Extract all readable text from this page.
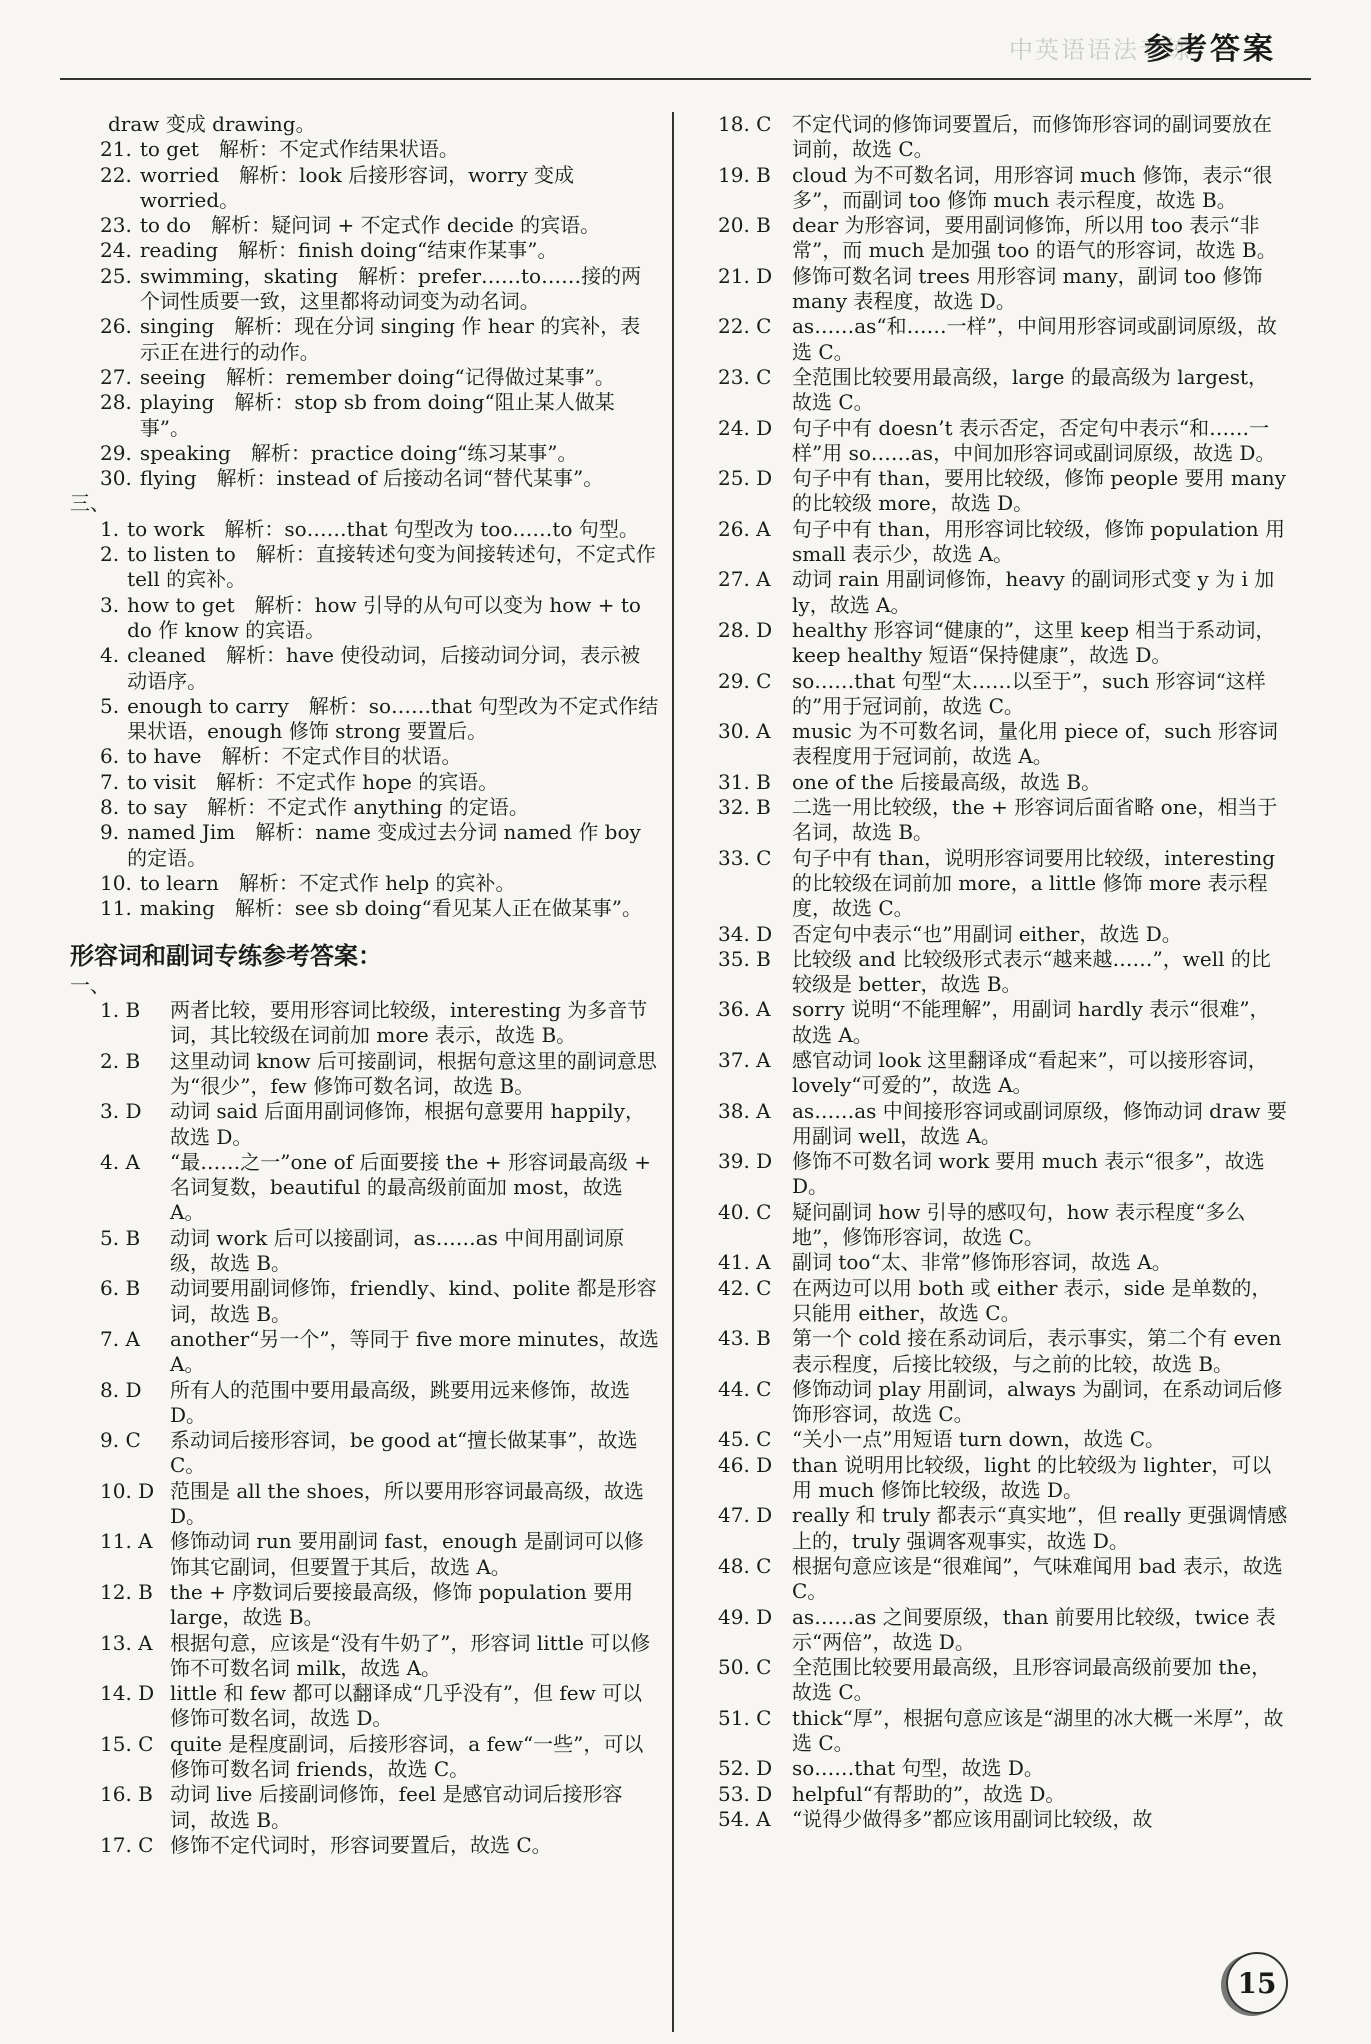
中英语语法专练
参考答案
draw 变成 drawing。
21. to get　解析：不定式作结果状语。
22. worried　解析：look 后接形容词，worry 变成 worried。
23. to do　解析：疑问词 + 不定式作 decide 的宾语。
24. reading　解析：finish doing“结束作某事”。
25. swimming，skating　解析：prefer……to……接的两个词性质要一致，这里都将动词变为动名词。
26. singing　解析：现在分词 singing 作 hear 的宾补，表示正在进行的动作。
27. seeing　解析：remember doing“记得做过某事”。
28. playing　解析：stop sb from doing“阻止某人做某事”。
29. speaking　解析：practice doing“练习某事”。
30. flying　解析：instead of 后接动名词“替代某事”。
三、
1. to work　解析：so……that 句型改为 too……to 句型。
2. to listen to　解析：直接转述句变为间接转述句，不定式作 tell 的宾补。
3. how to get　解析：how 引导的从句可以变为 how + to do 作 know 的宾语。
4. cleaned　解析：have 使役动词，后接动词分词，表示被动语序。
5. enough to carry　解析：so……that 句型改为不定式作结果状语，enough 修饰 strong 要置后。
6. to have　解析：不定式作目的状语。
7. to visit　解析：不定式作 hope 的宾语。
8. to say　解析：不定式作 anything 的定语。
9. named Jim　解析：name 变成过去分词 named 作 boy 的定语。
10. to learn　解析：不定式作 help 的宾补。
11. making　解析：see sb doing“看见某人正在做某事”。
形容词和副词专练参考答案：
一、
1. B	两者比较，要用形容词比较级，interesting 为多音节词，其比较级在词前加 more 表示，故选 B。
2. B	这里动词 know 后可接副词，根据句意这里的副词意思为“很少”，few 修饰可数名词，故选 B。
3. D	动词 said 后面用副词修饰，根据句意要用 happily，故选 D。
4. A	“最……之一”one of 后面要接 the + 形容词最高级 + 名词复数，beautiful 的最高级前面加 most，故选 A。
5. B	动词 work 后可以接副词，as……as 中间用副词原级，故选 B。
6. B	动词要用副词修饰，friendly、kind、polite 都是形容词，故选 B。
7. A	another“另一个”，等同于 five more minutes，故选 A。
8. D	所有人的范围中要用最高级，跳要用远来修饰，故选 D。
9. C	系动词后接形容词，be good at“擅长做某事”，故选 C。
10. D 范围是 all the shoes，所以要用形容词最高级，故选 D。
11. A 修饰动词 run 要用副词 fast，enough 是副词可以修饰其它副词，但要置于其后，故选 A。
12. B the + 序数词后要接最高级，修饰 population 要用 large，故选 B。
13. A 根据句意，应该是“没有牛奶了”，形容词 little 可以修饰不可数名词 milk，故选 A。
14. D little 和 few 都可以翻译成“几乎没有”，但 few 可以修饰可数名词，故选 D。
15. C quite 是程度副词，后接形容词，a few“一些”，可以修饰可数名词 friends，故选 C。
16. B 动词 live 后接副词修饰，feel 是感官动词后接形容词，故选 B。
17. C 修饰不定代词时，形容词要置后，故选 C。
18. C	不定代词的修饰词要置后，而修饰形容词的副词要放在词前，故选 C。
19. B	cloud 为不可数名词，用形容词 much 修饰，表示“很多”，而副词 too 修饰 much 表示程度，故选 B。
20. B	dear 为形容词，要用副词修饰，所以用 too 表示“非常”，而 much 是加强 too 的语气的形容词，故选 B。
21. D 修饰可数名词 trees 用形容词 many，副词 too 修饰 many 表程度，故选 D。
22. C	as……as“和……一样”，中间用形容词或副词原级，故选 C。
23. C	全范围比较要用最高级，large 的最高级为 largest，故选 C。
24. D 句子中有 doesn’t 表示否定，否定句中表示“和……一样”用 so……as，中间加形容词或副词原级，故选 D。
25. D 句子中有 than，要用比较级，修饰 people 要用 many 的比较级 more，故选 D。
26. A	句子中有 than，用形容词比较级，修饰 population 用 small 表示少，故选 A。
27. A	动词 rain 用副词修饰，heavy 的副词形式变 y 为 i 加 ly，故选 A。
28. D healthy 形容词“健康的”，这里 keep 相当于系动词，keep healthy 短语“保持健康”，故选 D。
29. C	so……that 句型“太……以至于”，such 形容词“这样的”用于冠词前，故选 C。
30. A	music 为不可数名词，量化用 piece of，such 形容词表程度用于冠词前，故选 A。
31. B	one of the 后接最高级，故选 B。
32. B	二选一用比较级，the + 形容词后面省略 one，相当于名词，故选 B。
33. C	句子中有 than，说明形容词要用比较级，interesting 的比较级在词前加 more，a little 修饰 more 表示程度，故选 C。
34. D 否定句中表示“也”用副词 either，故选 D。
35. B	比较级 and 比较级形式表示“越来越……”，well 的比较级是 better，故选 B。
36. A	sorry 说明“不能理解”，用副词 hardly 表示“很难”，故选 A。
37. A	感官动词 look 这里翻译成“看起来”，可以接形容词，lovely“可爱的”，故选 A。
38. A	as……as 中间接形容词或副词原级，修饰动词 draw 要用副词 well，故选 A。
39. D 修饰不可数名词 work 要用 much 表示“很多”，故选 D。
40. C	疑问副词 how 引导的感叹句，how 表示程度“多么地”，修饰形容词，故选 C。
41. A	副词 too“太、非常”修饰形容词，故选 A。
42. C	在两边可以用 both 或 either 表示，side 是单数的，只能用 either，故选 C。
43. B	第一个 cold 接在系动词后，表示事实，第二个有 even 表示程度，后接比较级，与之前的比较，故选 B。
44. C	修饰动词 play 用副词，always 为副词，在系动词后修饰形容词，故选 C。
45. C	“关小一点”用短语 turn down，故选 C。
46. D than 说明用比较级，light 的比较级为 lighter，可以用 much 修饰比较级，故选 D。
47. D really 和 truly 都表示“真实地”，但 really 更强调情感上的，truly 强调客观事实，故选 D。
48. C	根据句意应该是“很难闻”，气味难闻用 bad 表示，故选 C。
49. D as……as 之间要原级，than 前要用比较级，twice 表示“两倍”，故选 D。
50. C	全范围比较要用最高级，且形容词最高级前要加 the，故选 C。
51. C	thick“厚”，根据句意应该是“湖里的冰大概一米厚”，故选 C。
52. D so……that 句型，故选 D。
53. D helpful“有帮助的”，故选 D。
54. A	“说得少做得多”都应该用副词比较级，故
15
